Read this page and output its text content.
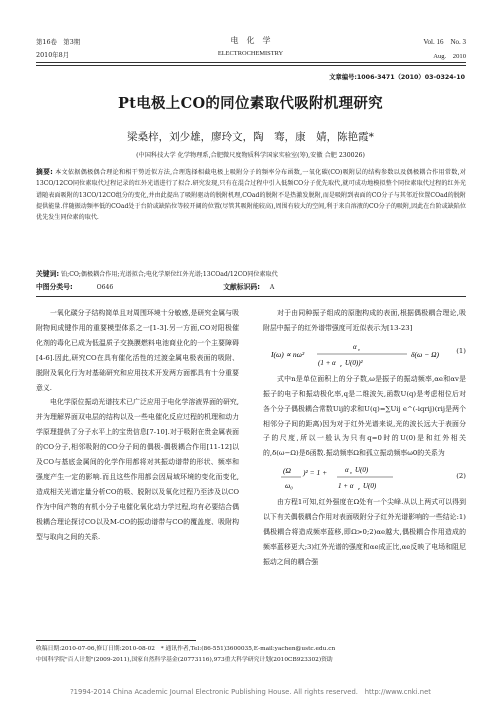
第16卷　第3期	电　化　学	Vol. 16　No. 3
2010年8月	ELECTROCHEMISTRY	Aug.　2010
文章编号:1006-3471（2010）03-0324-10
Pt电极上CO的同位素取代吸附机理研究
梁桑梓，刘少雄，廖玲文，陶　骞，康　婧，陈艳霞*
(中国科技大学 化学物理系,合肥微尺度物质科学国家实验室(筹),安徽 合肥 230026)
摘要: 本文依据偶极偶合理论和相干势近似方法,合理选择相截电极上吸附分子的频率分布函数,一氧化碳(CO)吸附层的结构参数以及偶极耦合作用常数,对13CO/12CO同位素取代过程记录的红外光谱进行了拟合.研究发现,只有在混合过程中引入低频CO分子优先取代,就可成功地模拟整个同位素取代过程的红外光谱随表面吸附的13CO/12CO组分的变化,并由此提出了吸附驱动的脱附机理,COad的脱附不是热激发脱附,而是吸附到表面的CO分子与其邻近位置COad的脱附提供能量.伴随振动频率低的COad处于台阶或缺陷位等较开阔的位置(尽管其吸附能较高),周围有较大的空间,利于来自溶液的CO分子的吸附,因此在台阶或缺陷位优先发生同位素的取代.
关键词: 铂;CO;偶极耦合作用;光谱拟合;电化学原位红外光谱;13COad/12CO同位素取代
中图分类号:	O646	文献标识码: A

一氧化碳分子结构简单且对周围环境十分敏感,是研究金属与吸附物间成键作用的重要模型体系之一[1-3].另一方面,CO对阳极催化剂的毒化已成为低温质子交换膜燃料电池商业化的一个主要障碍[4-6].因此,研究CO在具有催化活性的过渡金属电极表面的吸附、脱附及氧化行为对基础研究和应用技术开发两方面都具有十分重要意义.

电化学原位振动光谱技术已广泛应用于电化学溶液界面的研究,并为理解界面双电层的结构以及一些电催化反应过程的机理和动力学原理提供了分子水平上的宝贵信息[7-10].对于吸附在贵金属表面的CO分子,相邻吸附的CO分子间的偶极-偶极耦合作用[11-12]以及CO与基底金属间的化学作用都将对其振动谱带的形状、频率和强度产生一定的影响.而且这些作用都会因局域环境的变化而变化,造成相关光谱定量分析CO的吸、脱附以及氧化过程乃至涉及以CO作为中间产物的有机小分子电催化氧化动力学过程,均有必要结合偶极耦合理论探讨CO以及M-CO的振动谱带与CO的覆盖度、吸附构型与取向之间的关系.

对于由同种振子组成的原胞构成的表面,根据偶极耦合理论,吸附层中振子的红外谱带强度可近似表示为[13-23]

I(ω) ∝ nω²
α v
(1 + α e U(0))²
δ(ω − Ω) (1)

式中n是单位面积上的分子数,ω是振子的振动频率,αe和αv是振子的电子和振动极化率,q是二维波矢,函数U(q)是考虑相位后对各个分子偶极耦合常数Uij的求和U(q)=∑Uij e^(-iqrij)(rij是两个相邻分子间的距离)因为对于红外光谱来说,光的波长远大于表面分子的尺度,所以一般认为只有q=0时的U(0)是和红外相关的,δ(ω−Ω)是δ函数.振动频率Ω和孤立振动频率ω0的关系为

(Ω
ω₀
)² = 1 +	α v U(0)
1 + α e U(0)
(2)

由方程1可知,红外强度在Ω处有一个尖峰.从以上两式可以得到以下有关偶极耦合作用对表面吸附分子红外光谱影响的一些结论:1)偶极耦合将造成频率蓝移,即Ω>0;2)αe越大,偶极耦合作用造成的频率蓝移更大;3)红外光谱的强度和αe成正比,αe反映了电场和阻尼振动之间的耦合强

收稿日期:2010-07-06,修订日期:2010-08-02　* 通讯作者,Tel:(86-551)3600035,E-mail:yachen@ustc.edu.cn
中国科学院"百人计划"(2009-2011),国家自然科学基金(20773116),973重大科学研究计划(2010CB923302)资助
?1994-2014 China Academic Journal Electronic Publishing House. All rights reserved.　http://www.cnki.net
